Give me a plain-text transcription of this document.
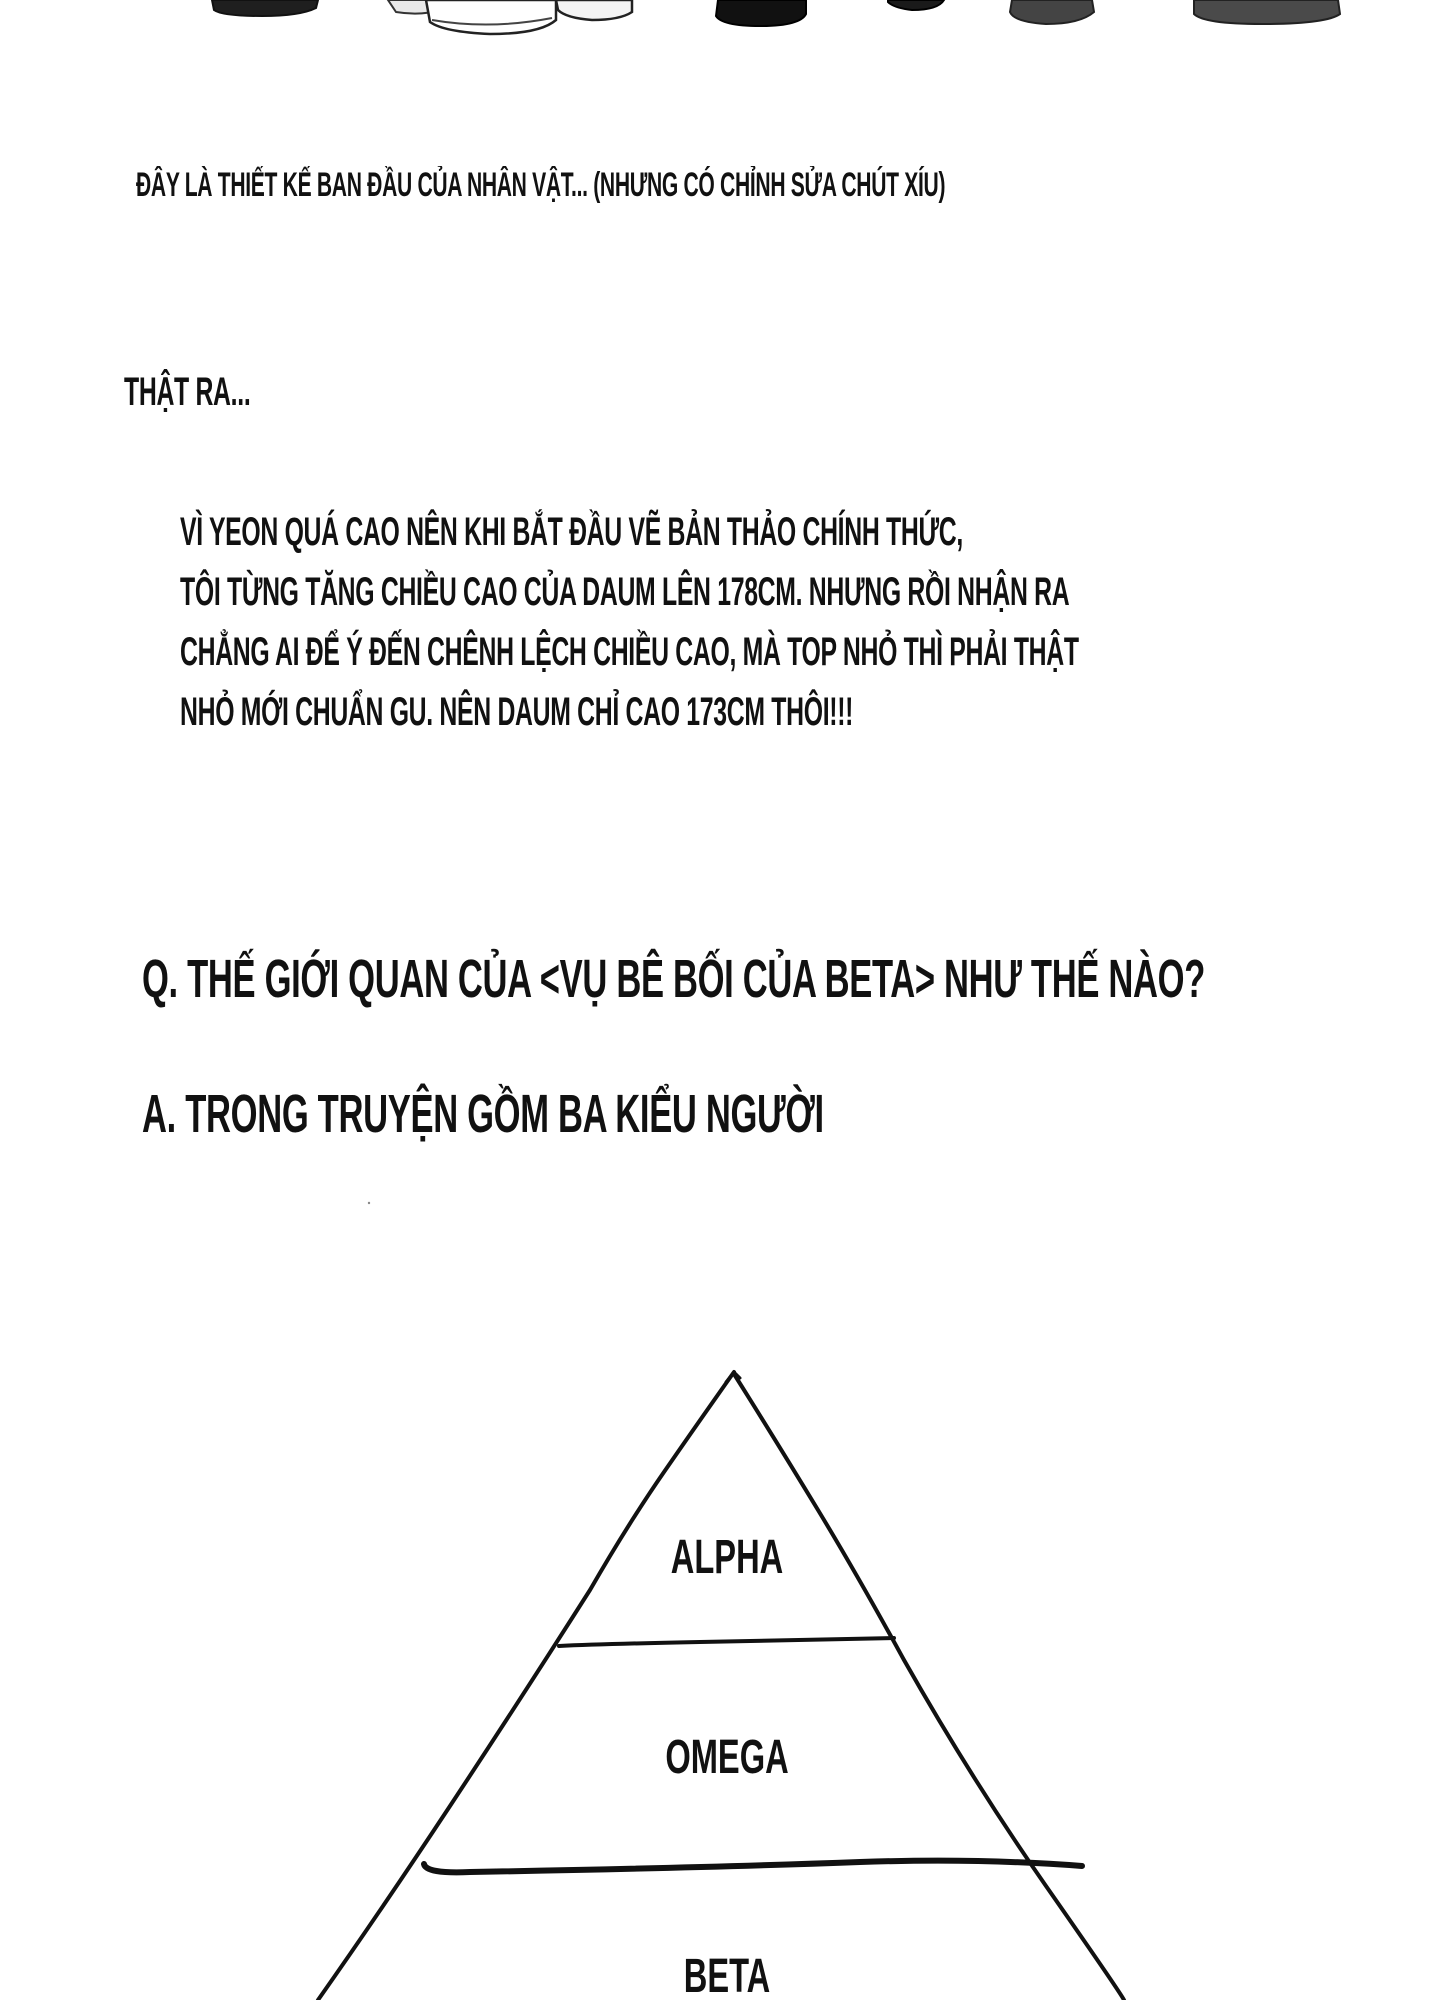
ĐÂY LÀ THIẾT KẾ BAN ĐẦU CỦA NHÂN VẬT... (NHƯNG CÓ CHỈNH SỬA CHÚT XÍU)

THẬT RA...

VÌ YEON QUÁ CAO NÊN KHI BẮT ĐẦU VẼ BẢN THẢO CHÍNH THỨC,
TÔI TỪNG TĂNG CHIỀU CAO CỦA DAUM LÊN 178CM. NHƯNG RỒI NHẬN RA
CHẲNG AI ĐỂ Ý ĐẾN CHÊNH LỆCH CHIỀU CAO, MÀ TOP NHỎ THÌ PHẢI THẬT
NHỎ MỚI CHUẨN GU. NÊN DAUM CHỈ CAO 173CM THÔI!!!

Q. THẾ GIỚI QUAN CỦA <VỤ BÊ BỐI CỦA BETA> NHƯ THẾ NÀO?

A. TRONG TRUYỆN GỒM BA KIỂU NGƯỜI

ALPHA

OMEGA

BETA
